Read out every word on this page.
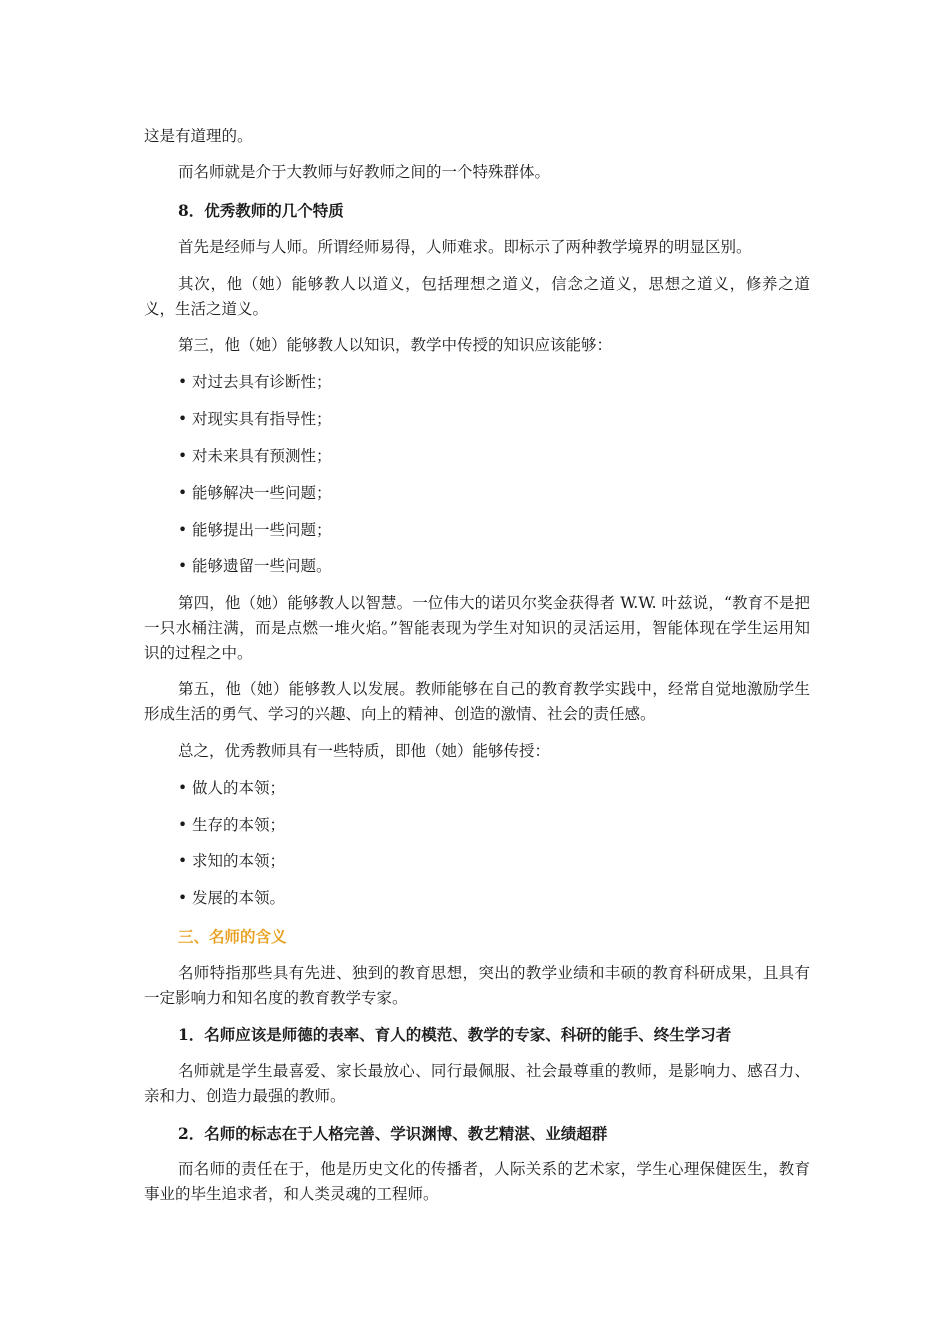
这是有道理的。

而名师就是介于大教师与好教师之间的一个特殊群体。

8．优秀教师的几个特质

首先是经师与人师。所谓经师易得，人师难求。即标示了两种教学境界的明显区别。

其次，他（她）能够教人以道义，包括理想之道义，信念之道义，思想之道义，修养之道义，生活之道义。

第三，他（她）能够教人以知识，教学中传授的知识应该能够：

• 对过去具有诊断性；
• 对现实具有指导性；
• 对未来具有预测性；
• 能够解决一些问题；
• 能够提出一些问题；
• 能够遗留一些问题。

第四，他（她）能够教人以智慧。一位伟大的诺贝尔奖金获得者 W.W. 叶兹说，“教育不是把一只水桶注满，而是点燃一堆火焰。”智能表现为学生对知识的灵活运用，智能体现在学生运用知识的过程之中。

第五，他（她）能够教人以发展。教师能够在自己的教育教学实践中，经常自觉地激励学生形成生活的勇气、学习的兴趣、向上的精神、创造的激情、社会的责任感。

总之，优秀教师具有一些特质，即他（她）能够传授：

• 做人的本领；
• 生存的本领；
• 求知的本领；
• 发展的本领。

三、名师的含义

名师特指那些具有先进、独到的教育思想，突出的教学业绩和丰硕的教育科研成果，且具有一定影响力和知名度的教育教学专家。

1．名师应该是师德的表率、育人的模范、教学的专家、科研的能手、终生学习者

名师就是学生最喜爱、家长最放心、同行最佩服、社会最尊重的教师，是影响力、感召力、亲和力、创造力最强的教师。

2．名师的标志在于人格完善、学识渊博、教艺精湛、业绩超群

而名师的责任在于，他是历史文化的传播者，人际关系的艺术家，学生心理保健医生，教育事业的毕生追求者，和人类灵魂的工程师。
